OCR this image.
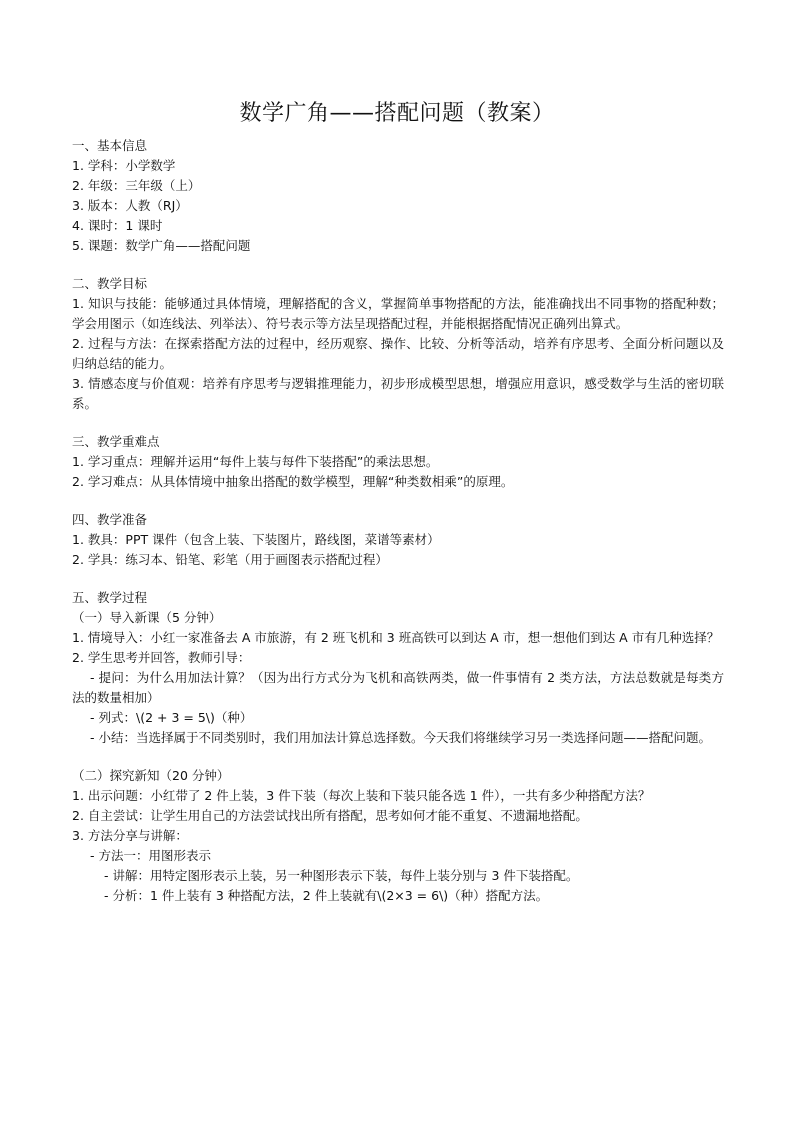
数学广角——搭配问题（教案）

一、基本信息

1. 学科：小学数学

2. 年级：三年级（上）

3. 版本：人教（RJ）

4. 课时：1 课时

5. 课题：数学广角——搭配问题

二、教学目标

1. 知识与技能：能够通过具体情境，理解搭配的含义，掌握简单事物搭配的方法，能准确找出不同事物的搭配种数；学会用图示（如连线法、列举法）、符号表示等方法呈现搭配过程，并能根据搭配情况正确列出算式。

2. 过程与方法：在探索搭配方法的过程中，经历观察、操作、比较、分析等活动，培养有序思考、全面分析问题以及归纳总结的能力。

3. 情感态度与价值观：培养有序思考与逻辑推理能力，初步形成模型思想，增强应用意识，感受数学与生活的密切联系。

三、教学重难点

1. 学习重点：理解并运用“每件上装与每件下装搭配”的乘法思想。

2. 学习难点：从具体情境中抽象出搭配的数学模型，理解“种类数相乘”的原理。

四、教学准备

1. 教具：PPT 课件（包含上装、下装图片，路线图，菜谱等素材）

2. 学具：练习本、铅笔、彩笔（用于画图表示搭配过程）

五、教学过程

（一）导入新课（5 分钟）

1. 情境导入：小红一家准备去 A 市旅游，有 2 班飞机和 3 班高铁可以到达 A 市，想一想他们到达 A 市有几种选择？

2. 学生思考并回答，教师引导：

- 提问：为什么用加法计算？（因为出行方式分为飞机和高铁两类，做一件事情有 2 类方法，方法总数就是每类方法的数量相加）

- 列式：\(2 + 3 = 5\)（种）

- 小结：当选择属于不同类别时，我们用加法计算总选择数。今天我们将继续学习另一类选择问题——搭配问题。

（二）探究新知（20 分钟）

1. 出示问题：小红带了 2 件上装，3 件下装（每次上装和下装只能各选 1 件），一共有多少种搭配方法？

2. 自主尝试：让学生用自己的方法尝试找出所有搭配，思考如何才能不重复、不遗漏地搭配。

3. 方法分享与讲解：

- 方法一：用图形表示

- 讲解：用特定图形表示上装，另一种图形表示下装，每件上装分别与 3 件下装搭配。

- 分析：1 件上装有 3 种搭配方法，2 件上装就有\(2×3 = 6\)（种）搭配方法。
